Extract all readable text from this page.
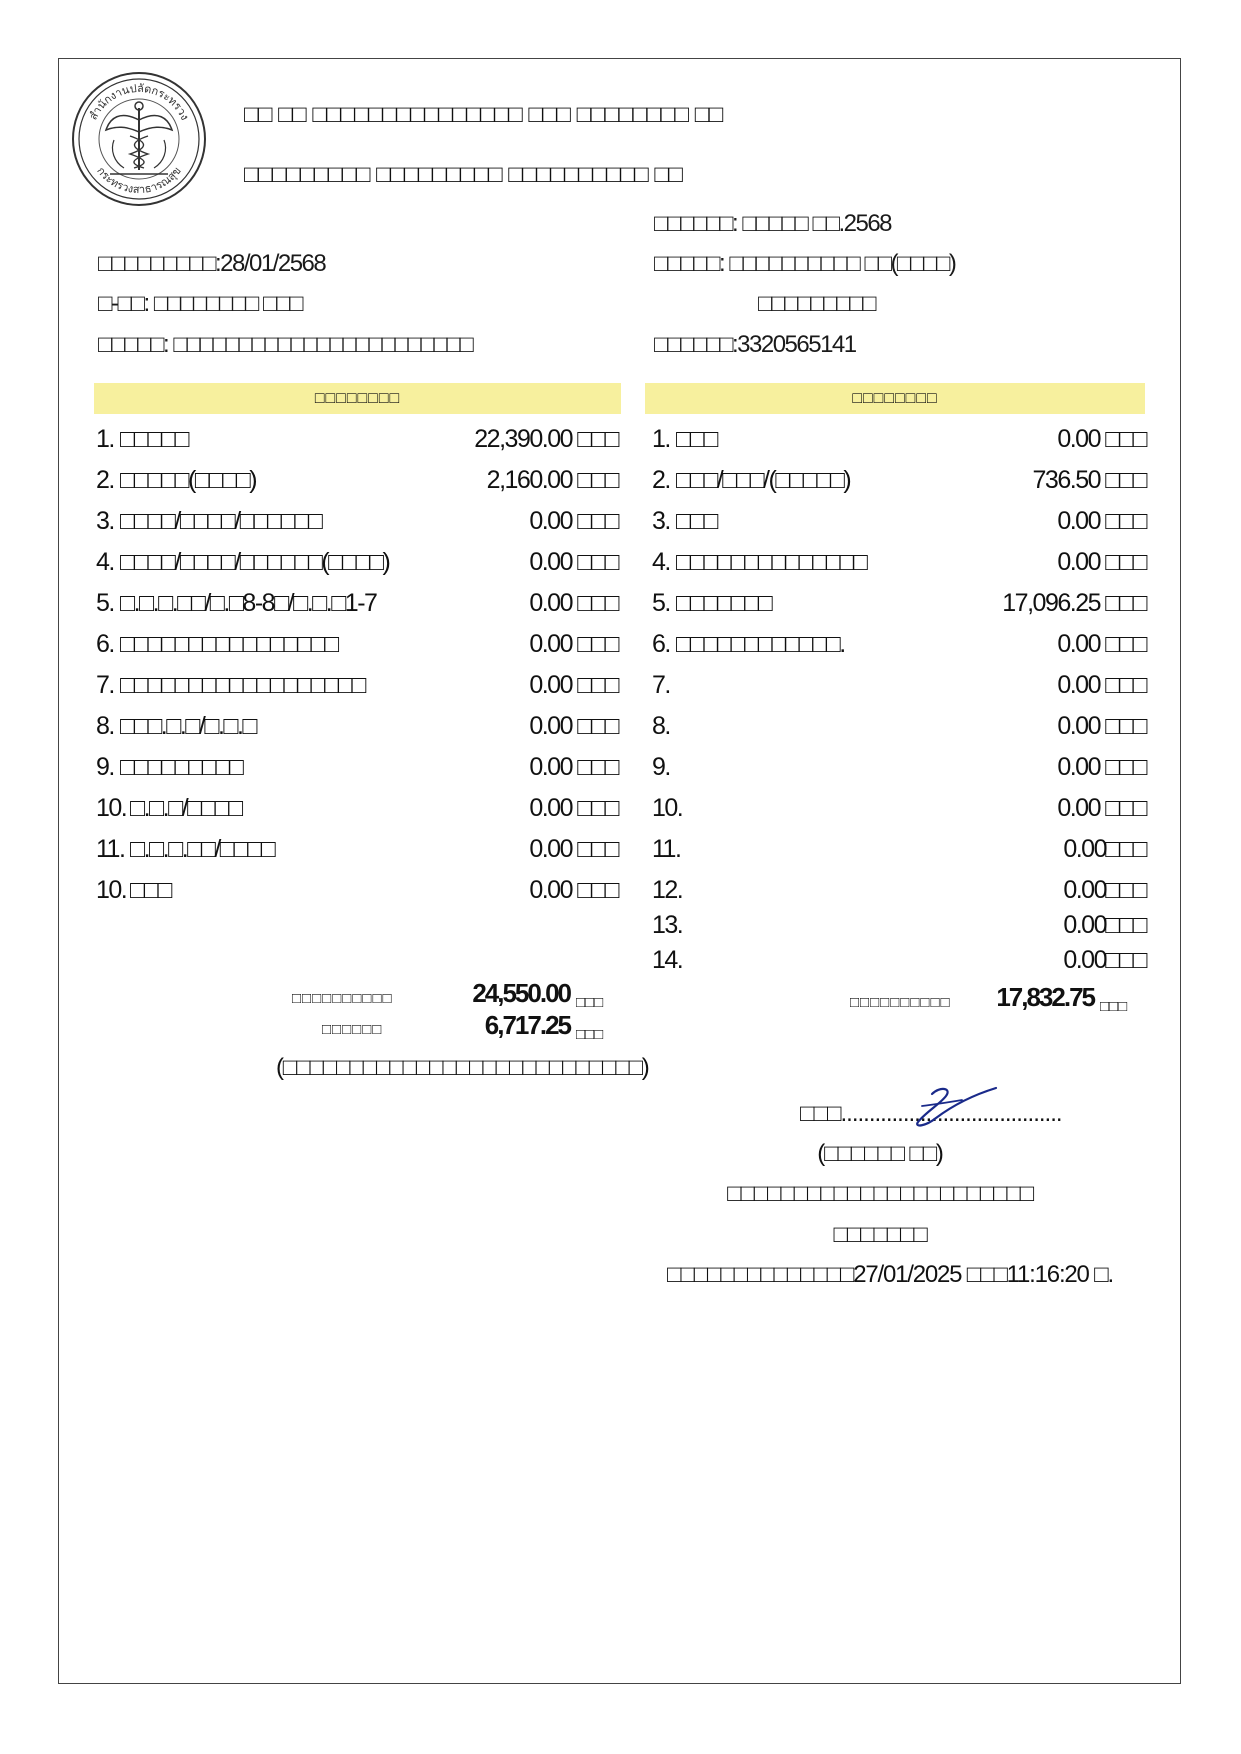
สำนักงานปลัดกระทรวง
กระทรวงสาธารณสุข
□□ □□ □□□□□□□□□□□□□□□ □□□ □□□□□□□□ □□
□□□□□□□□□ □□□□□□□□□ □□□□□□□□□□ □□
□□□□□□□□□:28/01/2568
□-□□: □□□□□□□□ □□□
□□□□□: □□□□□□□□□□□□□□□□□□□□□□□
□□□□□□: □□□□□ □□.2568
□□□□□: □□□□□□□□□□ □□(□□□□)
□□□□□□□□□
□□□□□□:3320565141
□□□□□□□□	□□□□□□□□
1. □□□□□	22,390.00 □□□
2. □□□□□(□□□□)	2,160.00 □□□
3. □□□□/□□□□/□□□□□□	0.00 □□□
4. □□□□/□□□□/□□□□□□(□□□□)	0.00 □□□
5. □.□.□.□□/□.□8-8□/□.□.□1-7	0.00 □□□
6. □□□□□□□□□□□□□□□□	0.00 □□□
7. □□□□□□□□□□□□□□□□□□	0.00 □□□
8. □□□.□.□/□.□.□	0.00 □□□
9. □□□□□□□□□	0.00 □□□
10. □.□.□/□□□□	0.00 □□□
11. □.□.□.□□/□□□□	0.00 □□□
10. □□□	0.00 □□□
1. □□□	0.00 □□□
2. □□□/□□□/(□□□□□)	736.50 □□□
3. □□□	0.00 □□□
4. □□□□□□□□□□□□□□	0.00 □□□
5. □□□□□□□	17,096.25 □□□
6. □□□□□□□□□□□□.	0.00 □□□
7.	0.00 □□□
8.	0.00 □□□
9.	0.00 □□□
10.	0.00 □□□
11.	0.00 □□□
12.	0.00 □□□
13.	0.00 □□□
14.	0.00 □□□
□□□□□□□□□□	24,550.00 □□□
□□□□□□	6,717.25 □□□
(□□□□□□□□□□□□□□□□□□□□□□□□□□□)
□□□□□□□□□□ 17,832.75 □□□
□□□.......................................
(□□□□□□ □□)
□□□□□□□□□□□□□□□□□□□□□□□
□□□□□□□
□□□□□□□□□□□□□□27/01/2025 □□□11:16:20 □.
